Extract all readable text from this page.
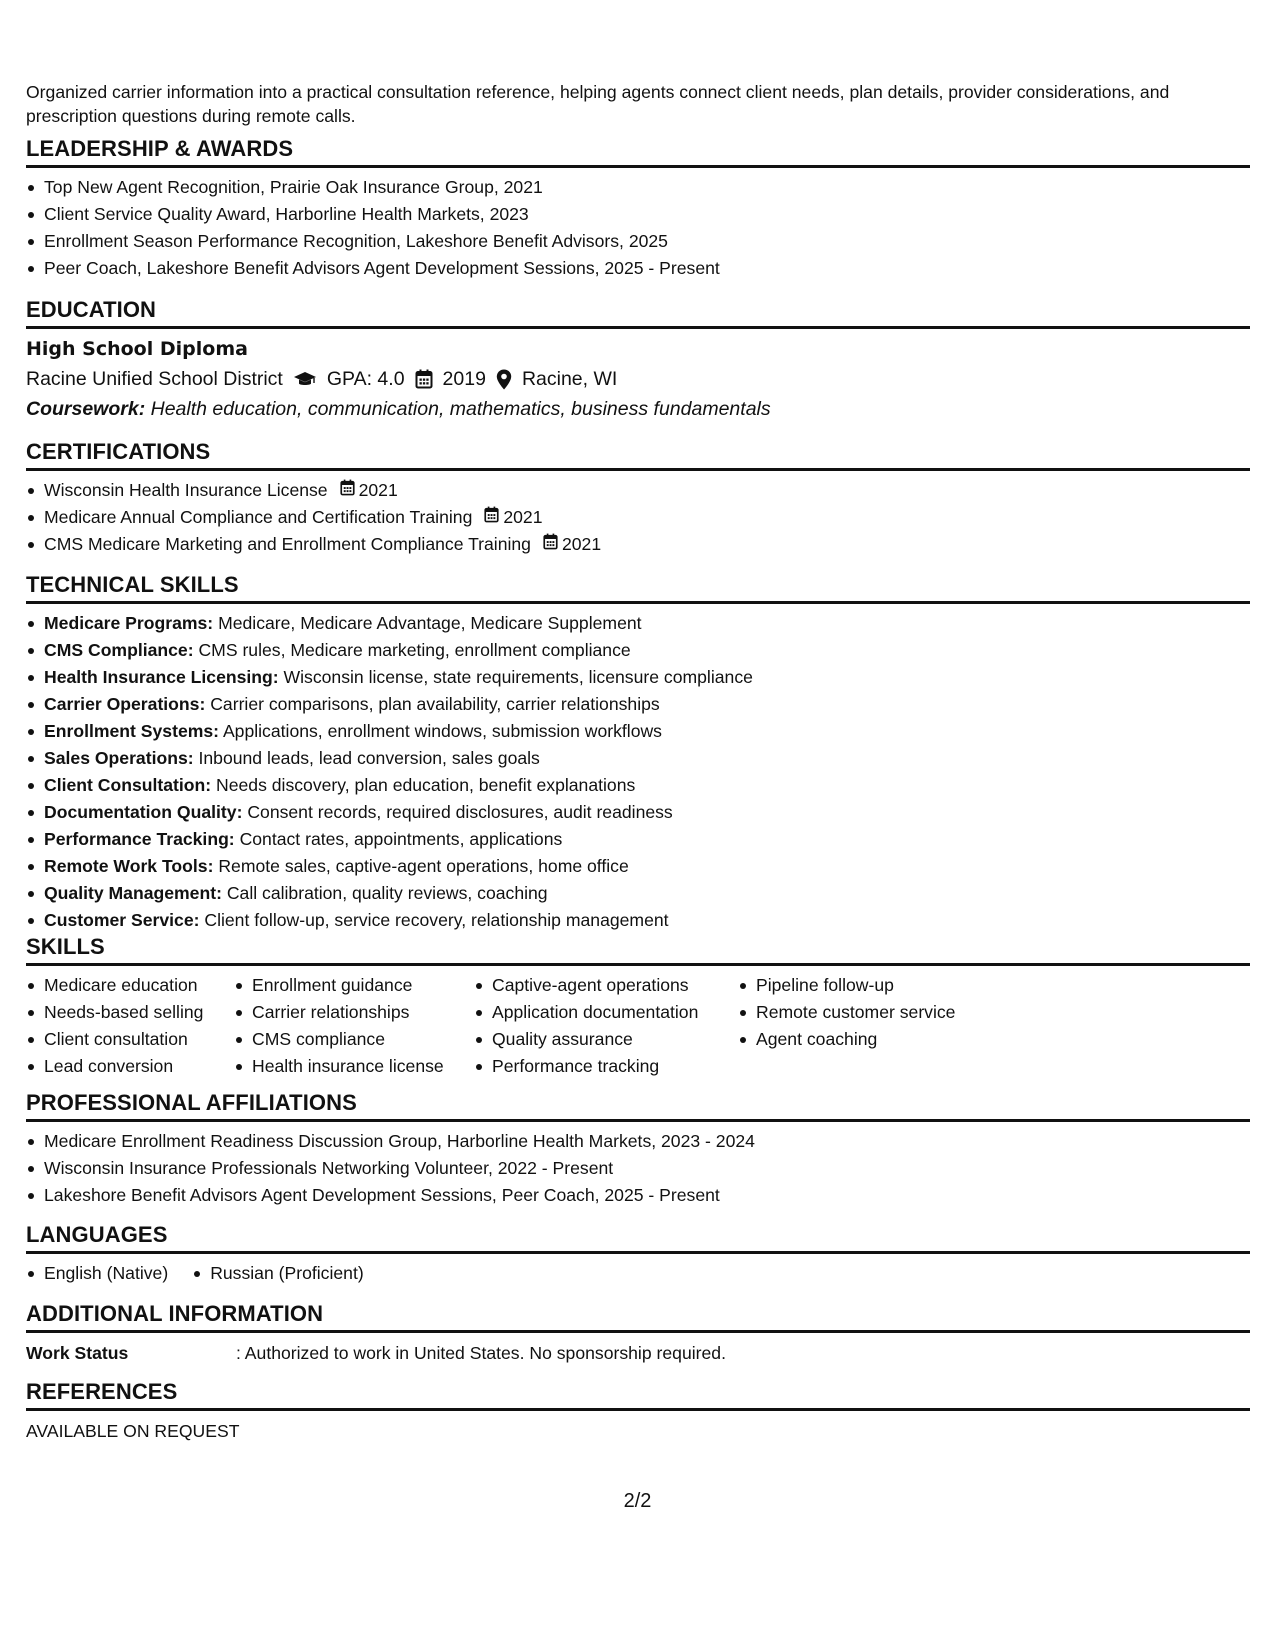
Organized carrier information into a practical consultation reference, helping agents connect client needs, plan details, provider considerations, and prescription questions during remote calls.

LEADERSHIP & AWARDS
Top New Agent Recognition, Prairie Oak Insurance Group, 2021
Client Service Quality Award, Harborline Health Markets, 2023
Enrollment Season Performance Recognition, Lakeshore Benefit Advisors, 2025
Peer Coach, Lakeshore Benefit Advisors Agent Development Sessions, 2025 - Present
EDUCATION
High School Diploma
Racine Unified School District GPA: 4.0 2019 Racine, WI
Coursework: Health education, communication, mathematics, business fundamentals
CERTIFICATIONS
Wisconsin Health Insurance License 2021
Medicare Annual Compliance and Certification Training 2021
CMS Medicare Marketing and Enrollment Compliance Training 2021
TECHNICAL SKILLS
Medicare Programs: Medicare, Medicare Advantage, Medicare Supplement
CMS Compliance: CMS rules, Medicare marketing, enrollment compliance
Health Insurance Licensing: Wisconsin license, state requirements, licensure compliance
Carrier Operations: Carrier comparisons, plan availability, carrier relationships
Enrollment Systems: Applications, enrollment windows, submission workflows
Sales Operations: Inbound leads, lead conversion, sales goals
Client Consultation: Needs discovery, plan education, benefit explanations
Documentation Quality: Consent records, required disclosures, audit readiness
Performance Tracking: Contact rates, appointments, applications
Remote Work Tools: Remote sales, captive-agent operations, home office
Quality Management: Call calibration, quality reviews, coaching
Customer Service: Client follow-up, service recovery, relationship management
SKILLS
Medicare education
Needs-based selling
Client consultation
Lead conversion
Enrollment guidance
Carrier relationships
CMS compliance
Health insurance license
Captive-agent operations
Application documentation
Quality assurance
Performance tracking
Pipeline follow-up
Remote customer service
Agent coaching
PROFESSIONAL AFFILIATIONS
Medicare Enrollment Readiness Discussion Group, Harborline Health Markets, 2023 - 2024
Wisconsin Insurance Professionals Networking Volunteer, 2022 - Present
Lakeshore Benefit Advisors Agent Development Sessions, Peer Coach, 2025 - Present
LANGUAGES
English (Native)	Russian (Proficient)
ADDITIONAL INFORMATION
Work Status	: Authorized to work in United States. No sponsorship required.
REFERENCES
AVAILABLE ON REQUEST
2/2
